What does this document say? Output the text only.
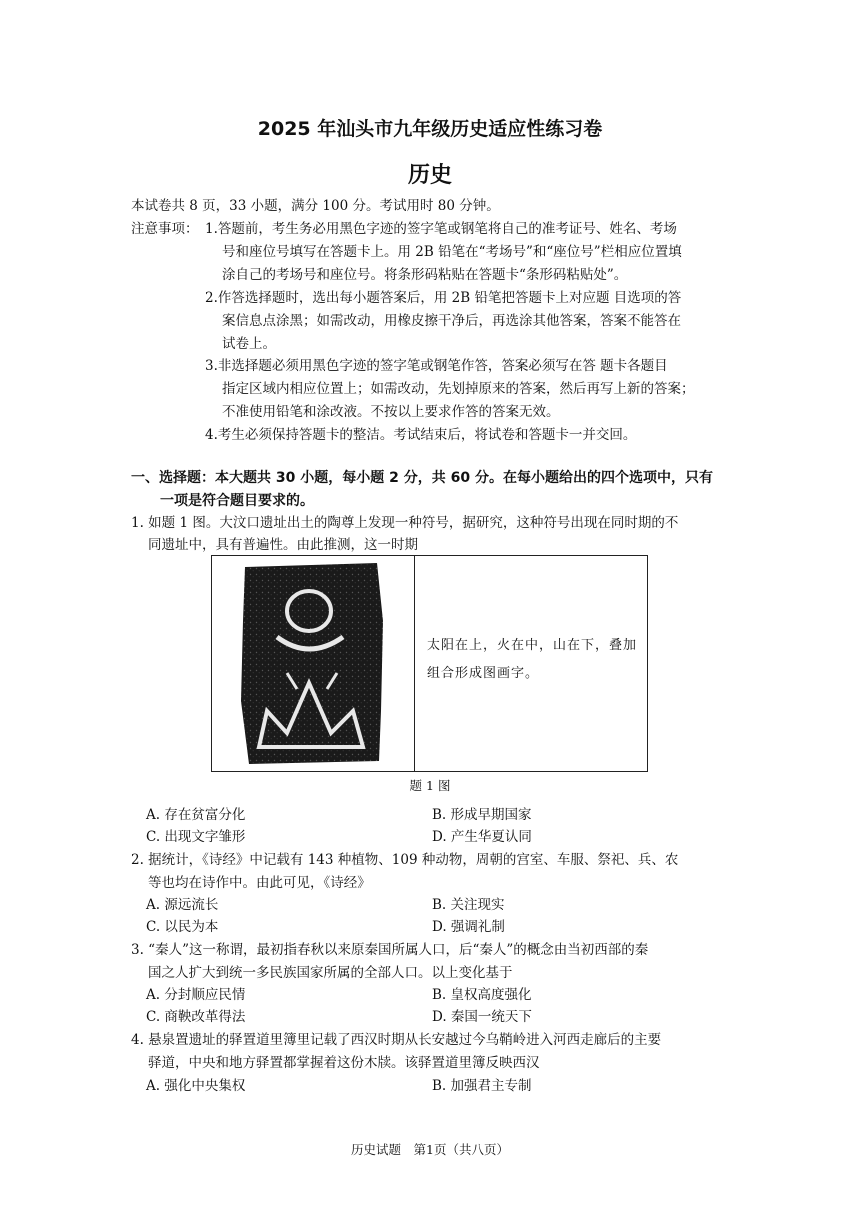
2025 年汕头市九年级历史适应性练习卷
历史
本试卷共 8 页，33 小题，满分 100 分。考试用时 80 分钟。
注意事项： 1.答题前，考生务必用黑色字迹的签字笔或钢笔将自己的准考证号、姓名、考场
号和座位号填写在答题卡上。用 2B 铅笔在“考场号”和“座位号”栏相应位置填
涂自己的考场号和座位号。将条形码粘贴在答题卡“条形码粘贴处”。
2.作答选择题时，选出每小题答案后，用 2B 铅笔把答题卡上对应题 目选项的答
案信息点涂黑；如需改动，用橡皮擦干净后，再选涂其他答案，答案不能答在
试卷上。
3.非选择题必须用黑色字迹的签字笔或钢笔作答，答案必须写在答 题卡各题目
指定区域内相应位置上；如需改动，先划掉原来的答案，然后再写上新的答案；
不准使用铅笔和涂改液。不按以上要求作答的答案无效。
4.考生必须保持答题卡的整洁。考试结束后，将试卷和答题卡一并交回。
一、选择题：本大题共 30 小题，每小题 2 分，共 60 分。在每小题给出的四个选项中，只有
一项是符合题目要求的。
1. 如题 1 图。大汶口遗址出土的陶尊上发现一种符号，据研究，这种符号出现在同时期的不
同遗址中，具有普遍性。由此推测，这一时期
太阳在上，火在中，山在下，叠加组合形成图画字。
题 1 图
A. 存在贫富分化	B. 形成早期国家
C. 出现文字雏形	D. 产生华夏认同
2. 据统计，《诗经》中记载有 143 种植物、109 种动物，周朝的宫室、车服、祭祀、兵、农
等也均在诗作中。由此可见，《诗经》
A. 源远流长	B. 关注现实
C. 以民为本	D. 强调礼制
3. “秦人”这一称谓，最初指春秋以来原秦国所属人口，后“秦人”的概念由当初西部的秦
国之人扩大到统一多民族国家所属的全部人口。以上变化基于
A. 分封顺应民情	B. 皇权高度强化
C. 商鞅改革得法	D. 秦国一统天下
4. 悬泉置遗址的驿置道里簿里记载了西汉时期从长安越过今乌鞘岭进入河西走廊后的主要
驿道，中央和地方驿置都掌握着这份木牍。该驿置道里簿反映西汉
A. 强化中央集权	B. 加强君主专制
历史试题　第1页（共八页）
